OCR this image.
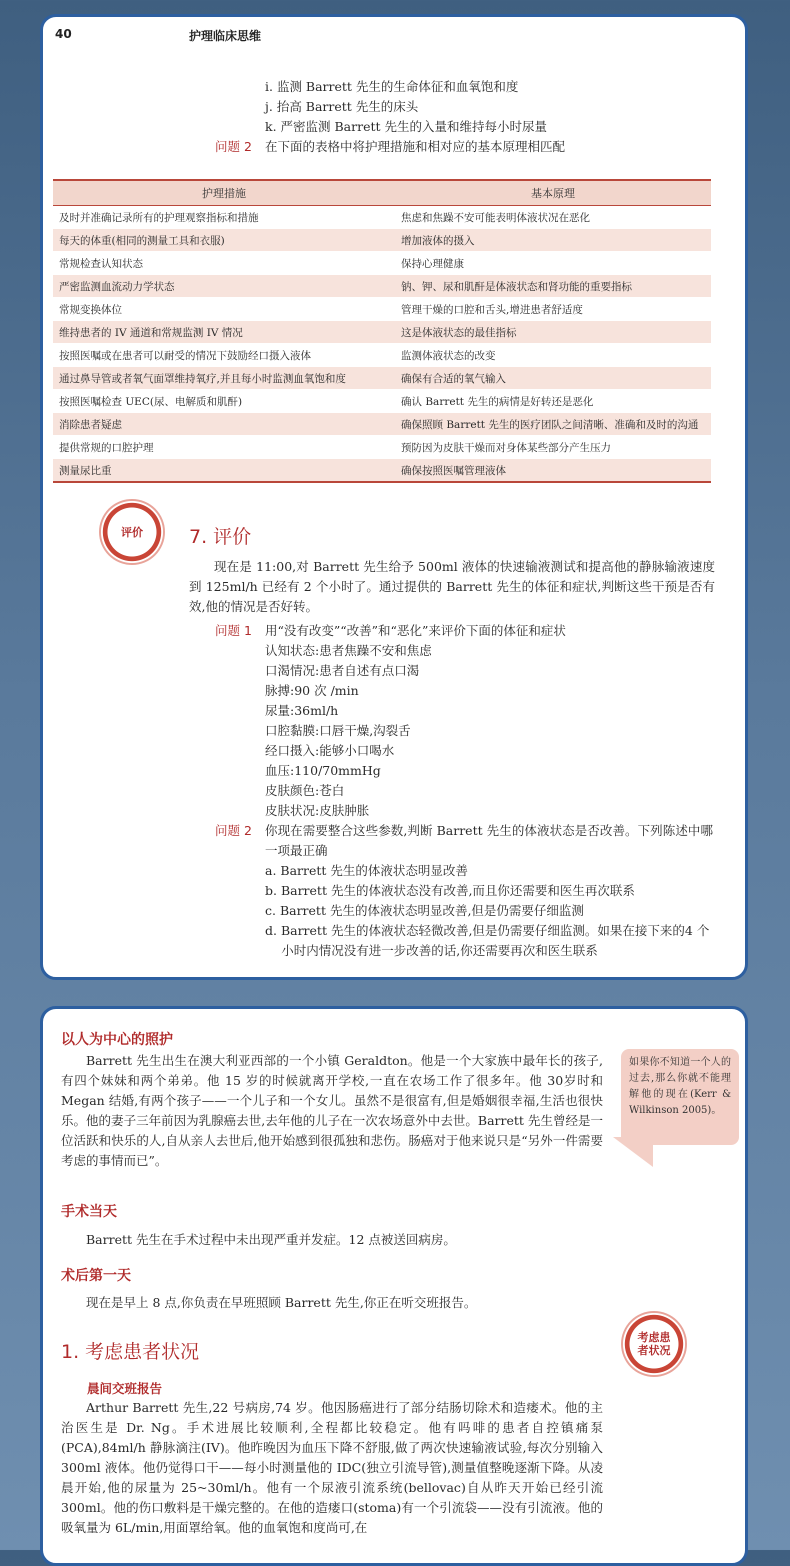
40	护理临床思维
i. 监测 Barrett 先生的生命体征和血氧饱和度
j. 抬高 Barrett 先生的床头
k. 严密监测 Barrett 先生的入量和维持每小时尿量
问题 2 在下面的表格中将护理措施和相对应的基本原理相匹配
护理措施	基本原理
及时并准确记录所有的护理观察指标和措施	焦虑和焦躁不安可能表明体液状况在恶化
每天的体重(相同的测量工具和衣服)	增加液体的摄入
常规检查认知状态	保持心理健康
严密监测血流动力学状态	钠、钾、尿和肌酐是体液状态和肾功能的重要指标
常规变换体位	管理干燥的口腔和舌头,增进患者舒适度
维持患者的 IV 通道和常规监测 IV 情况	这是体液状态的最佳指标
按照医嘱或在患者可以耐受的情况下鼓励经口摄入液体	监测体液状态的改变
通过鼻导管或者氧气面罩维持氧疗,并且每小时监测血氧饱和度	确保有合适的氧气输入
按照医嘱检查 UEC(尿、电解质和肌酐)	确认 Barrett 先生的病情是好转还是恶化
消除患者疑虑	确保照顾 Barrett 先生的医疗团队之间清晰、准确和及时的沟通
提供常规的口腔护理	预防因为皮肤干燥而对身体某些部分产生压力
测量尿比重	确保按照医嘱管理液体
评价 7. 评价
现在是 11:00,对 Barrett 先生给予 500ml 液体的快速输液测试和提高他的静脉输液速度到 125ml/h 已经有 2 个小时了。通过提供的 Barrett 先生的体征和症状,判断这些干预是否有效,他的情况是否好转。
问题 1 用“没有改变”“改善”和“恶化”来评价下面的体征和症状
认知状态:患者焦躁不安和焦虑
口渴情况:患者自述有点口渴
脉搏:90 次 /min
尿量:36ml/h
口腔黏膜:口唇干燥,沟裂舌
经口摄入:能够小口喝水
血压:110/70mmHg
皮肤颜色:苍白
皮肤状况:皮肤肿胀
问题 2 你现在需要整合这些参数,判断 Barrett 先生的体液状态是否改善。下列陈述中哪一项最正确
a. Barrett 先生的体液状态明显改善
b. Barrett 先生的体液状态没有改善,而且你还需要和医生再次联系
c. Barrett 先生的体液状态明显改善,但是仍需要仔细监测
d. Barrett 先生的体液状态轻微改善,但是仍需要仔细监测。如果在接下来的4 个小时内情况没有进一步改善的话,你还需要再次和医生联系
以人为中心的照护
Barrett 先生出生在澳大利亚西部的一个小镇 Geraldton。他是一个大家族中最年长的孩子,有四个妹妹和两个弟弟。他 15 岁的时候就离开学校,一直在农场工作了很多年。他 30岁时和 Megan 结婚,有两个孩子——一个儿子和一个女儿。虽然不是很富有,但是婚姻很幸福,生活也很快乐。他的妻子三年前因为乳腺癌去世,去年他的儿子在一次农场意外中去世。Barrett 先生曾经是一位活跃和快乐的人,自从亲人去世后,他开始感到很孤独和悲伤。肠癌对于他来说只是“另外一件需要考虑的事情而已”。
如果你不知道一个人的过去,那么你就不能理解他的现在(Kerr & Wilkinson 2005)。
手术当天
Barrett 先生在手术过程中未出现严重并发症。12 点被送回病房。
术后第一天
现在是早上 8 点,你负责在早班照顾 Barrett 先生,你正在听交班报告。
1. 考虑患者状况
考虑患者状况
晨间交班报告
Arthur Barrett 先生,22 号病房,74 岁。他因肠癌进行了部分结肠切除术和造瘘术。他的主治医生是 Dr. Ng。手术进展比较顺利,全程都比较稳定。他有吗啡的患者自控镇痛泵(PCA),84ml/h 静脉滴注(IV)。他昨晚因为血压下降不舒服,做了两次快速输液试验,每次分别输入 300ml 液体。他仍觉得口干——每小时测量他的 IDC(独立引流导管),测量值整晚逐渐下降。从凌晨开始,他的尿量为 25~30ml/h。他有一个尿液引流系统(bellovac)自从昨天开始已经引流 300ml。他的伤口敷料是干燥完整的。在他的造瘘口(stoma)有一个引流袋——没有引流液。他的吸氧量为 6L/min,用面罩给氧。他的血氧饱和度尚可,在
